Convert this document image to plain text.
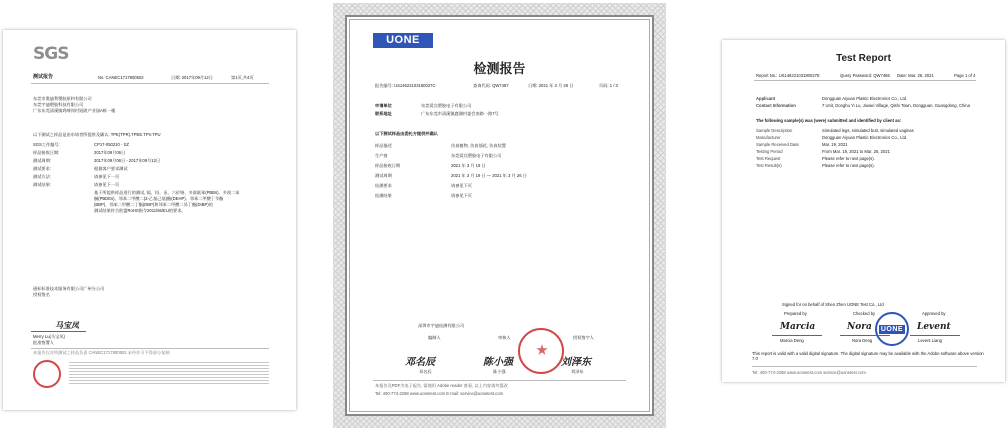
SGS
测试报告	No. CANEC1717800502	日期: 2017年09月12日	第1页,共4页
东莞市奥迪利塑胶原料有限公司
东莞宇迪塑胶科技有限公司
广东东莞清溪镇鸡啼岗村短陂产业园A栋一楼
以下测试之样品是由申请者所提供及确认: TPE(TPR).TPEE.TPV.TPU
SGS工作编号:	CP17-050210 - SZ
样品接收日期:	2017年09月06日
测试周期:	2017年09月06日 - 2017年09月12日
测试要求:	根据客户要求测试
测试方法:	请参见下一页
测试结果:	请参见下一页
基于所提供样品进行的测试, 镉、铅、汞、六价铬、多溴联苯(PBBs)、多溴二苯
醚(PBDEs)、邻苯二甲酸二(2-乙基己基)酯(DEHP)、邻苯二甲酸丁苄酯
(BBP)、邻苯二甲酸二丁酯(DBP)和邻苯二甲酸二异丁酯(DIBP)的
测试结果符合欧盟RoHS指令2011/65/EU的要求。
通标标准技术服务有限公司广州分公司
授权签名
马宝凤
Merry Lu(马宝凤)
批准签署人
本报告仅对所测试之样品负责 CANEC1717800502 未经许可不得部分复制
UONE
检测报告
报告编号: US14622103180027C	查询代码: QW7487	日期: 2021 年 3 月 26 日	页码: 1 / 3
申请单位	东莞爱宾塑胶电子有限公司
联系地址	广东东莞市清溪镇鹿湖村委会南路一路7号
以下测试样品由委托方提供并确认
样品描述	仿真植物, 仿真插花, 仿真装置
生产商	东莞爱宾塑胶电子有限公司
样品接收日期	2021 年 3 月 19 日
测试周期	2021 年 3 月 19 日 — 2021 年 3 月 26 日
检测要求	请参见下页
检测结果	请参见下页
深圳市宇迪检测有限公司
编制人	审核人	授权签字人
邓名辰	陈小强	刘泽东
邓名辰	陈小强	刘泽东
本报告及PDF为电子报告, 需使用 Adobe reader 查看, 以上内容请勿篡改
Tel: 400-774-2268 www.uonetest.com E-mail: service@uonetest.com
Test Report
Report No.: US14622103180027E	Query Password: QW7486 Date: Mar. 26, 2021	Page 1 of 4
Applicant	Dongguan Aiyuan Plastic Electronics Co., Ltd
Contact Information	7 Unit, Donghu Yi Lu, Jiuwei Village, Qishi Town, Dongguan, Guangdong, China
The following sample(s) was (were) submitted and identified by client as:
Sample Description	Simulated legs, simulated butt, simulated vaginas
Manufacturer	Dongguan Aiyuan Plastic Electronics Co., Ltd
Sample Received Date	Mar. 19, 2021
Testing Period	From Mar. 19, 2021 to Mar. 26, 2021
Test Request	Please refer to next page(s).
Test Result(s)	Please refer to next page(s).
Signed for on behalf of Shen Zhen UONE Test Co., Ltd
Prepared by	Checked by	Approved by
Marcia	Nora UONE Levent
Marcia Deng	Nora Deng	Levent Liang
This report is valid with a valid digital signature. The digital signature may be available with the Adobe software above version 7.0
Tel: 400-774-2268 www.uonetest.com service@uonetest.com
